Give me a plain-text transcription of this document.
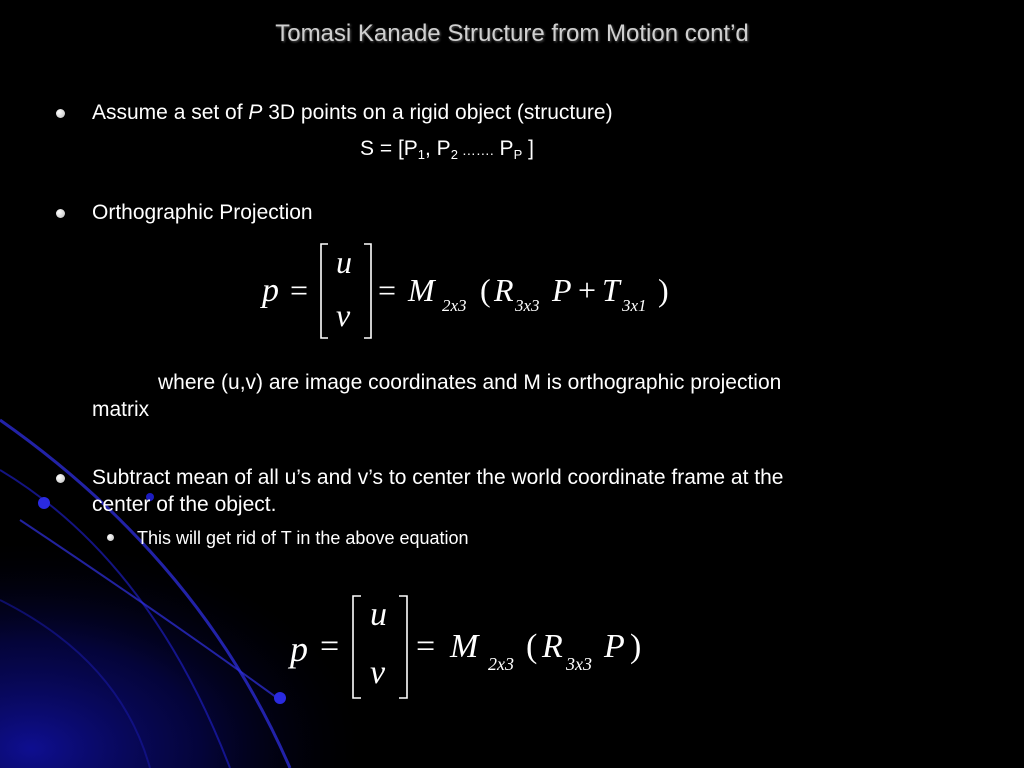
Tomasi Kanade Structure from Motion cont’d
Assume a set of P 3D points on a rigid object (structure)
$S = [P_1$, $P_2$ ……. $P_P$ ]
Orthographic Projection
p =
u
v
= M 2x3 ( R 3x3 P + T 3x1 )
where (u,v) are image coordinates and M is orthographic projection
matrix
Subtract mean of all u’s and v’s to center the world coordinate frame at the
center of the object.
This will get rid of T in the above equation
p =
u
v
= M 2x3 ( R 3x3 P )
